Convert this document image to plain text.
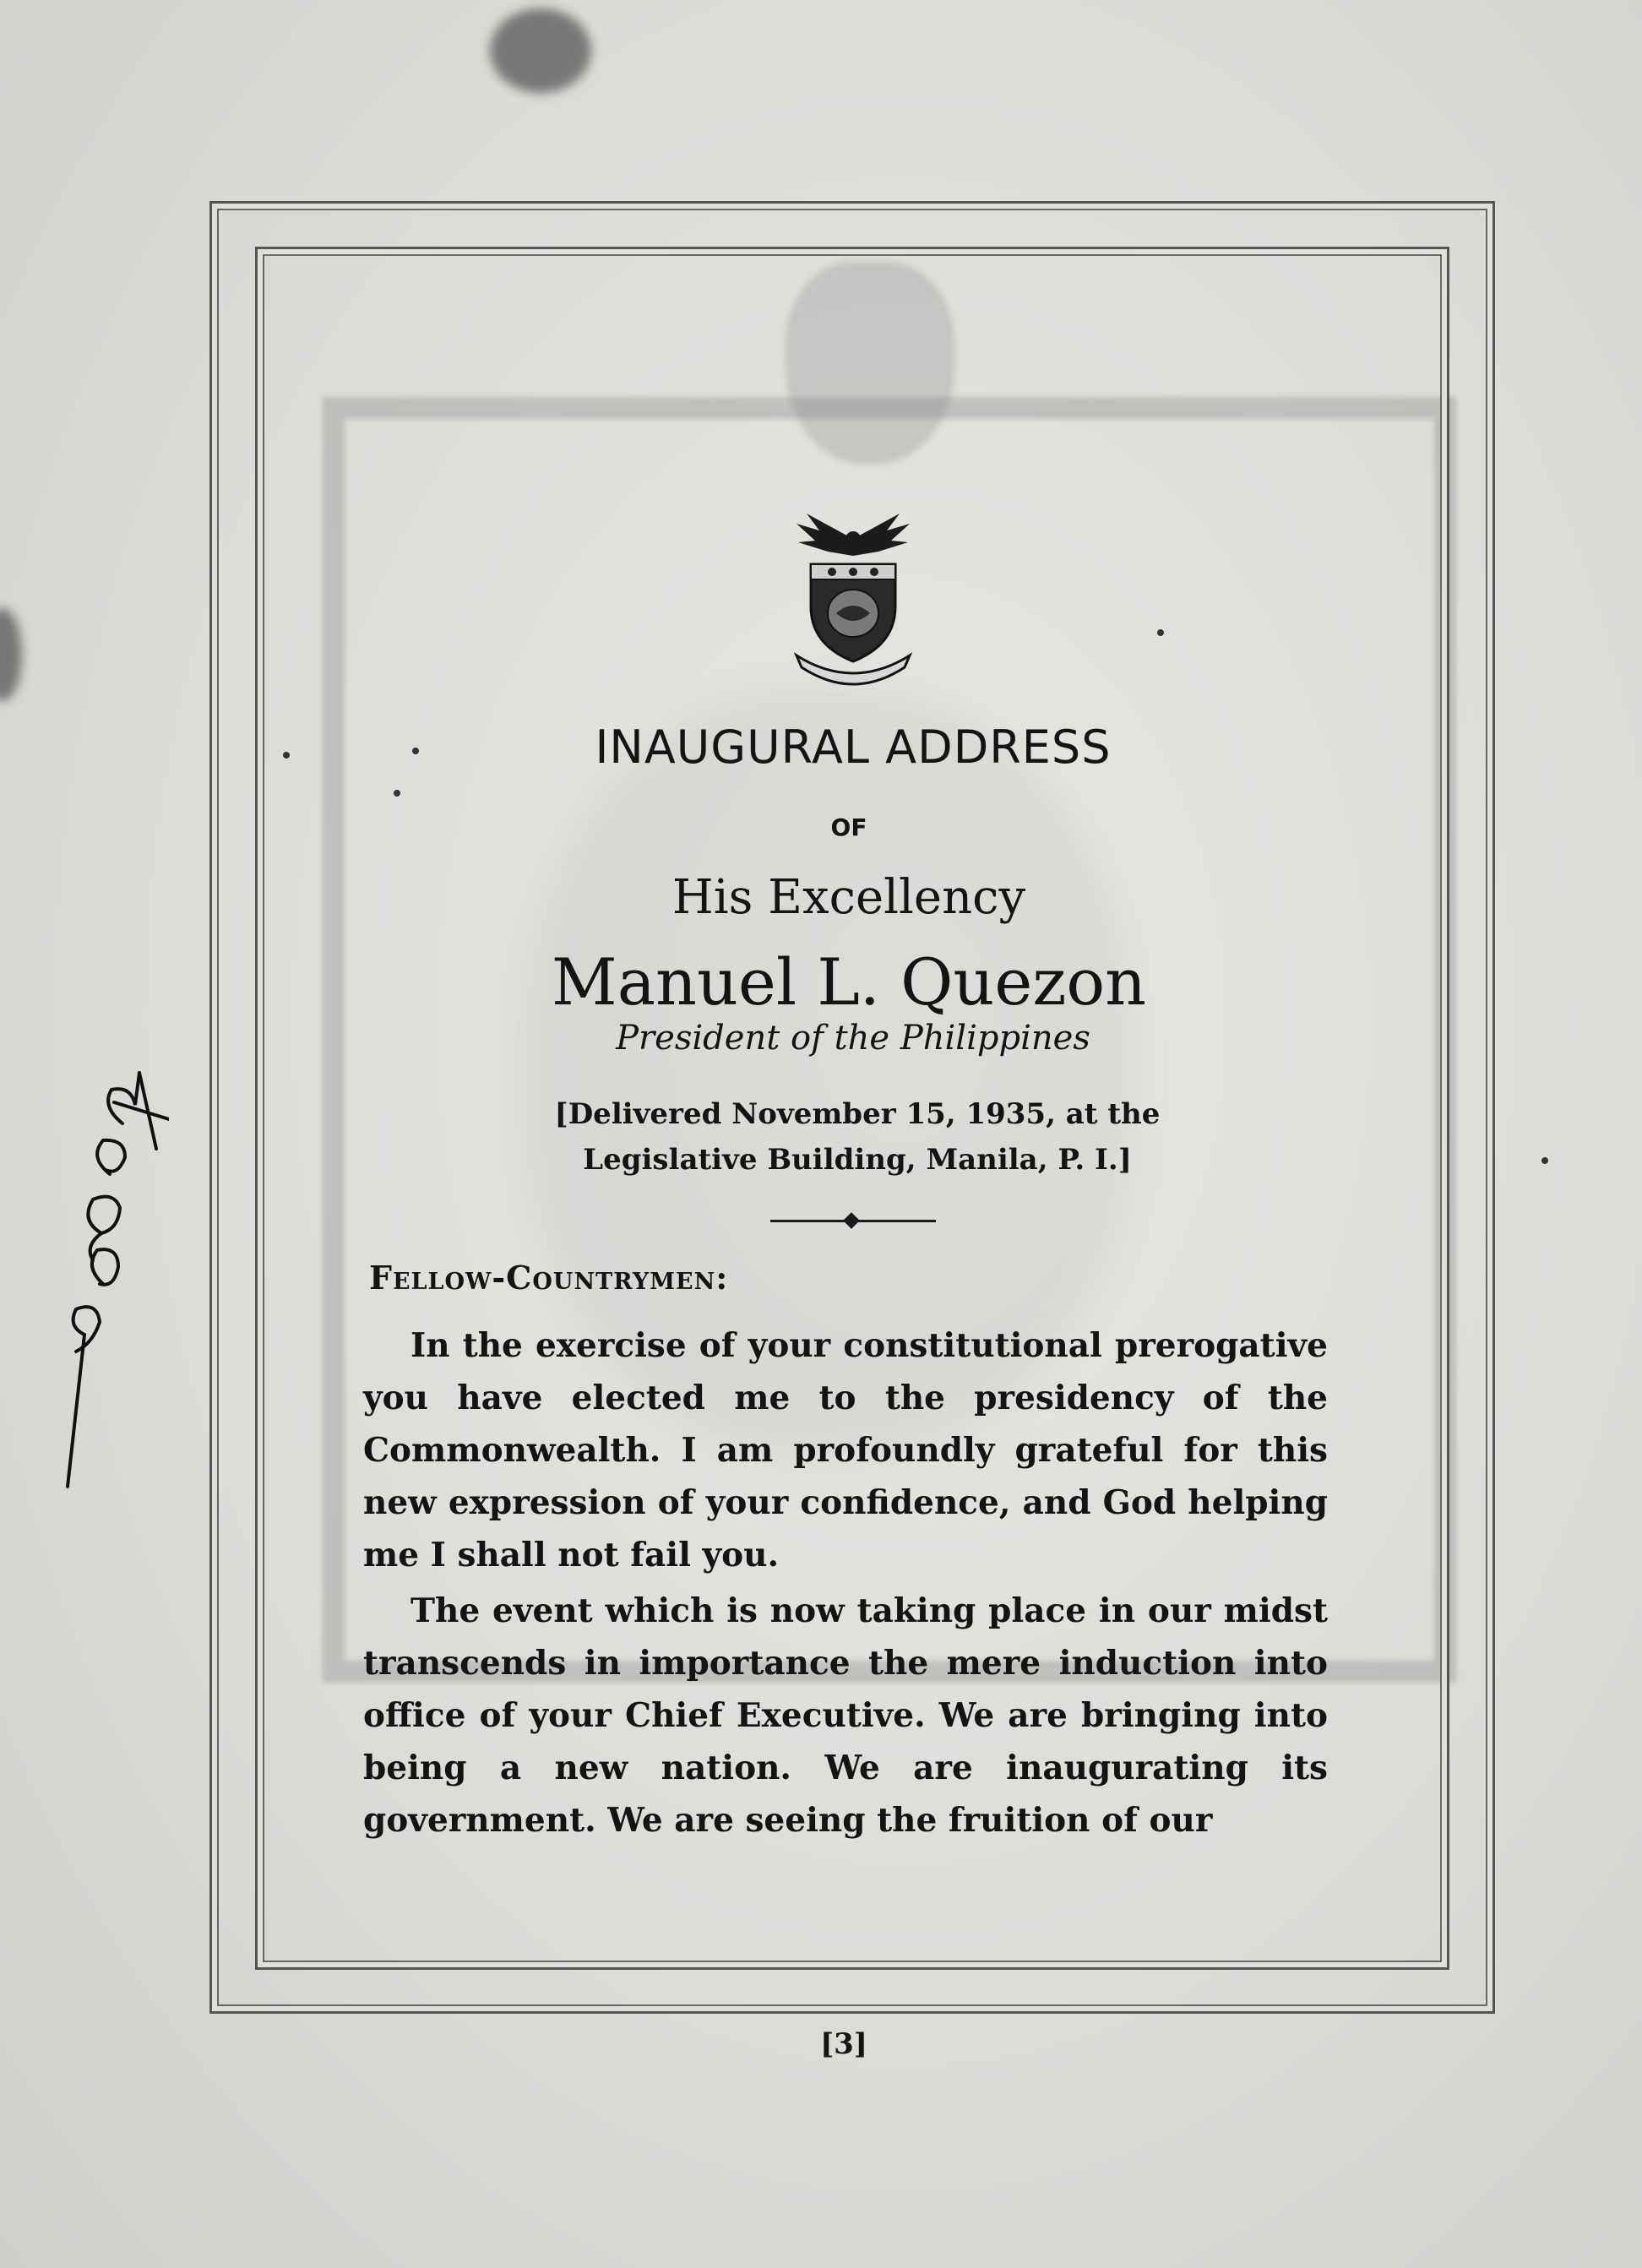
INAUGURAL ADDRESS
OF
His Excellency
Manuel L. Quezon
President of the Philippines
[Delivered November 15, 1935, at the Legislative Building, Manila, P. I.]
Fellow-Countrymen:

In the exercise of your constitutional prerogative you have elected me to the presidency of the Commonwealth. I am profoundly grateful for this new expression of your confidence, and God helping me I shall not fail you.

The event which is now taking place in our midst transcends in importance the mere induction into office of your Chief Executive. We are bringing into being a new nation. We are inaugurating its government. We are seeing the fruition of our

[3]
